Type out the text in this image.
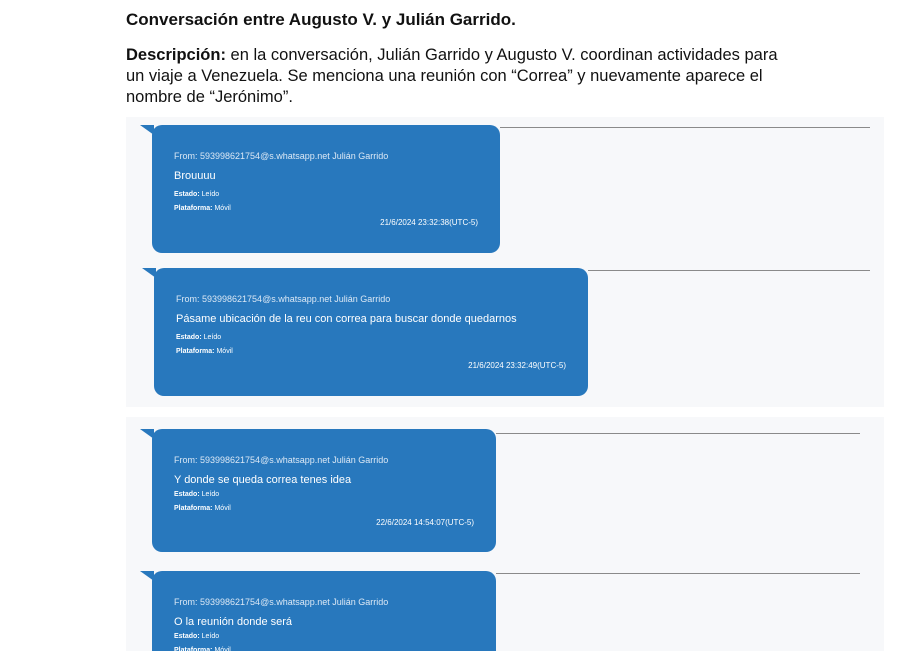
Conversación entre Augusto V. y Julián Garrido.

Descripción: en la conversación, Julián Garrido y Augusto V. coordinan actividades para un viaje a Venezuela. Se menciona una reunión con “Correa” y nuevamente aparece el nombre de “Jerónimo”.

From: 593998621754@s.whatsapp.net Julián Garrido
Brouuuu
Estado: Leído
Plataforma: Móvil
21/6/2024 23:32:38(UTC-5)
From: 593998621754@s.whatsapp.net Julián Garrido
Pásame ubicación de la reu con correa para buscar donde quedarnos
Estado: Leído
Plataforma: Móvil
21/6/2024 23:32:49(UTC-5)
From: 593998621754@s.whatsapp.net Julián Garrido
Y donde se queda correa tenes idea
Estado: Leído
Plataforma: Móvil
22/6/2024 14:54:07(UTC-5)
From: 593998621754@s.whatsapp.net Julián Garrido
O la reunión donde será
Estado: Leído
Plataforma: Móvil
